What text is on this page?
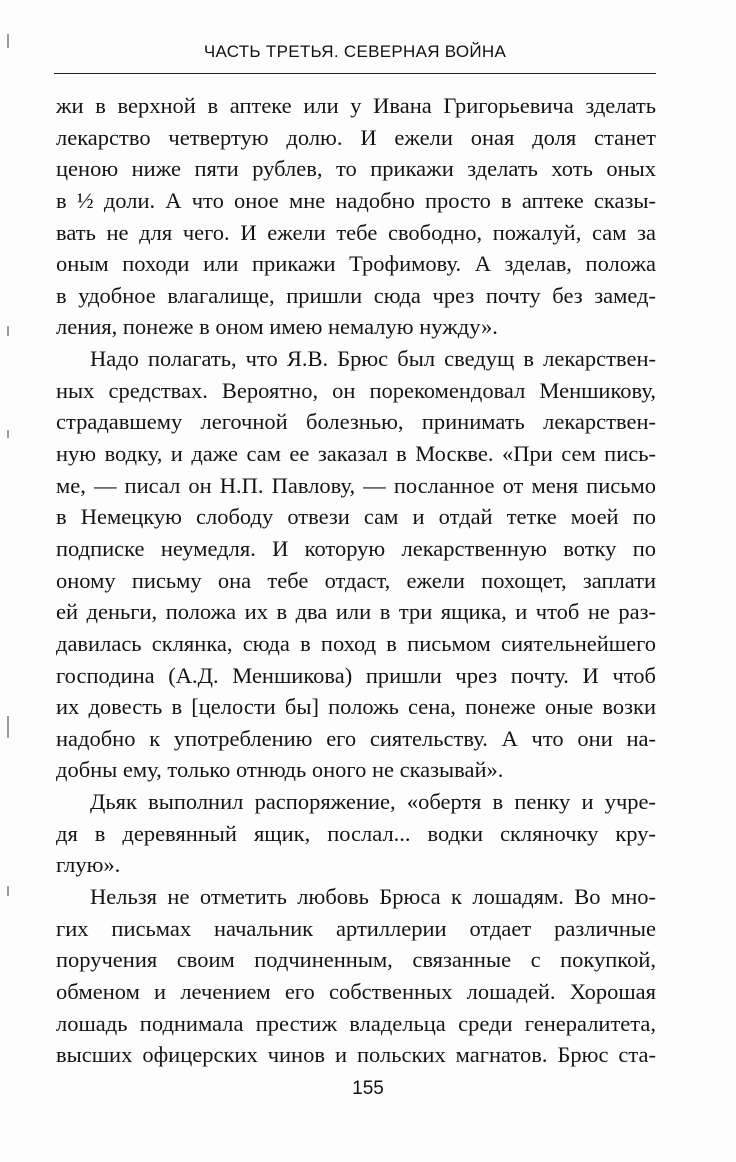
ЧАСТЬ ТРЕТЬЯ. СЕВЕРНАЯ ВОЙНА
жи в верхной в аптеке или у Ивана Григорьевича зделать
лекарство четвертую долю. И ежели оная доля станет
ценою ниже пяти рублев, то прикажи зделать хоть оных
в ½ доли. А что оное мне надобно просто в аптеке сказы-
вать не для чего. И ежели тебе свободно, пожалуй, сам за
оным походи или прикажи Трофимову. А зделав, положа
в удобное влагалище, пришли сюда чрез почту без замед-
ления, понеже в оном имею немалую нужду».
Надо полагать, что Я.В. Брюс был сведущ в лекарствен-
ных средствах. Вероятно, он порекомендовал Меншикову,
страдавшему легочной болезнью, принимать лекарствен-
ную водку, и даже сам ее заказал в Москве. «При сем пись-
ме, — писал он Н.П. Павлову, — посланное от меня письмо
в Немецкую слободу отвези сам и отдай тетке моей по
подписке неумедля. И которую лекарственную вотку по
оному письму она тебе отдаст, ежели похощет, заплати
ей деньги, положа их в два или в три ящика, и чтоб не раз-
давилась склянка, сюда в поход в письмом сиятельнейшего
господина (А.Д. Меншикова) пришли чрез почту. И чтоб
их довесть в [целости бы] положь сена, понеже оные возки
надобно к употреблению его сиятельству. А что они на-
добны ему, только отнюдь оного не сказывай».
Дьяк выполнил распоряжение, «обертя в пенку и учре-
дя в деревянный ящик, послал... водки скляночку кру-
глую».
Нельзя не отметить любовь Брюса к лошадям. Во мно-
гих письмах начальник артиллерии отдает различные
поручения своим подчиненным, связанные с покупкой,
обменом и лечением его собственных лошадей. Хорошая
лошадь поднимала престиж владельца среди генералитета,
высших офицерских чинов и польских магнатов. Брюс ста-
155
